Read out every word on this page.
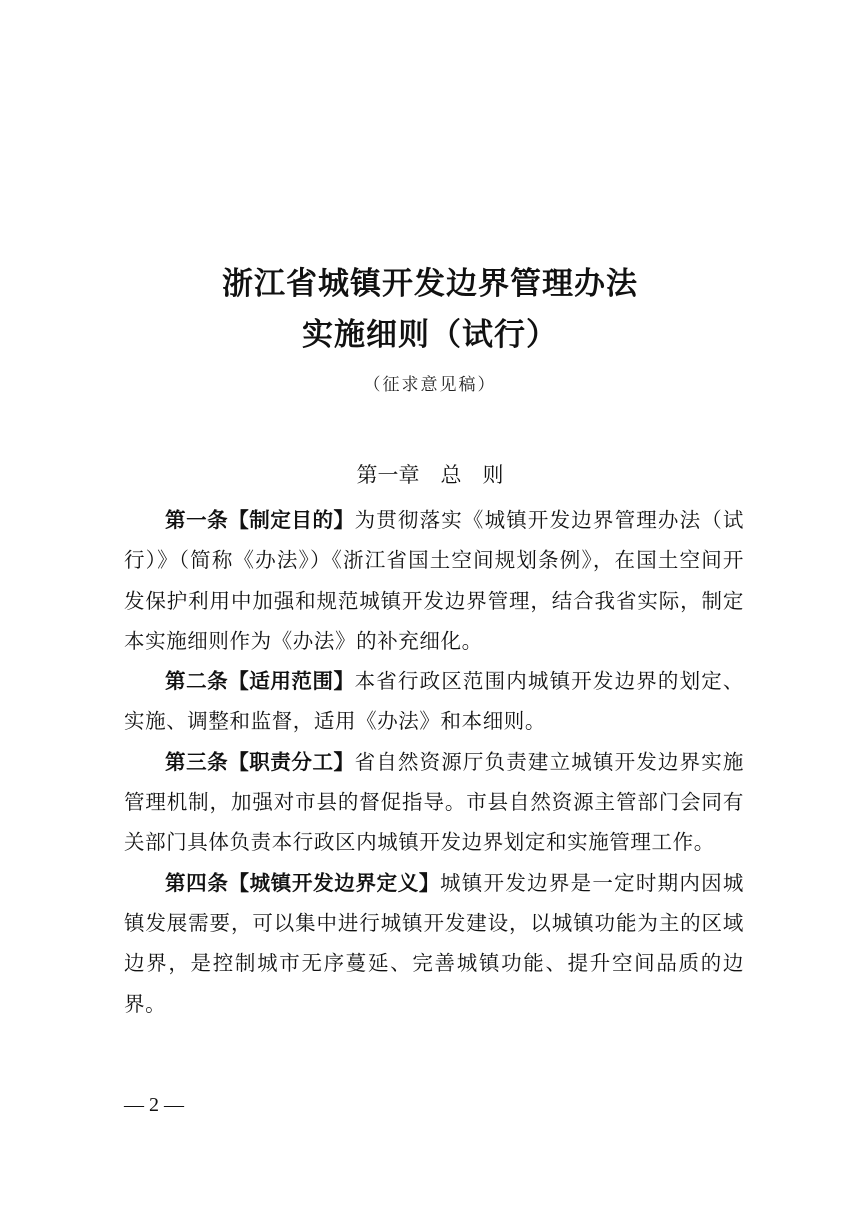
浙江省城镇开发边界管理办法
实施细则（试行）
（征求意见稿）
第一章　总　则

第一条【制定目的】为贯彻落实《城镇开发边界管理办法（试行）》（简称《办法》）《浙江省国土空间规划条例》，在国土空间开发保护利用中加强和规范城镇开发边界管理，结合我省实际，制定本实施细则作为《办法》的补充细化。

第二条【适用范围】本省行政区范围内城镇开发边界的划定、实施、调整和监督，适用《办法》和本细则。

第三条【职责分工】省自然资源厅负责建立城镇开发边界实施管理机制，加强对市县的督促指导。市县自然资源主管部门会同有关部门具体负责本行政区内城镇开发边界划定和实施管理工作。

第四条【城镇开发边界定义】城镇开发边界是一定时期内因城镇发展需要，可以集中进行城镇开发建设，以城镇功能为主的区域边界，是控制城市无序蔓延、完善城镇功能、提升空间品质的边界。

— 2 —
